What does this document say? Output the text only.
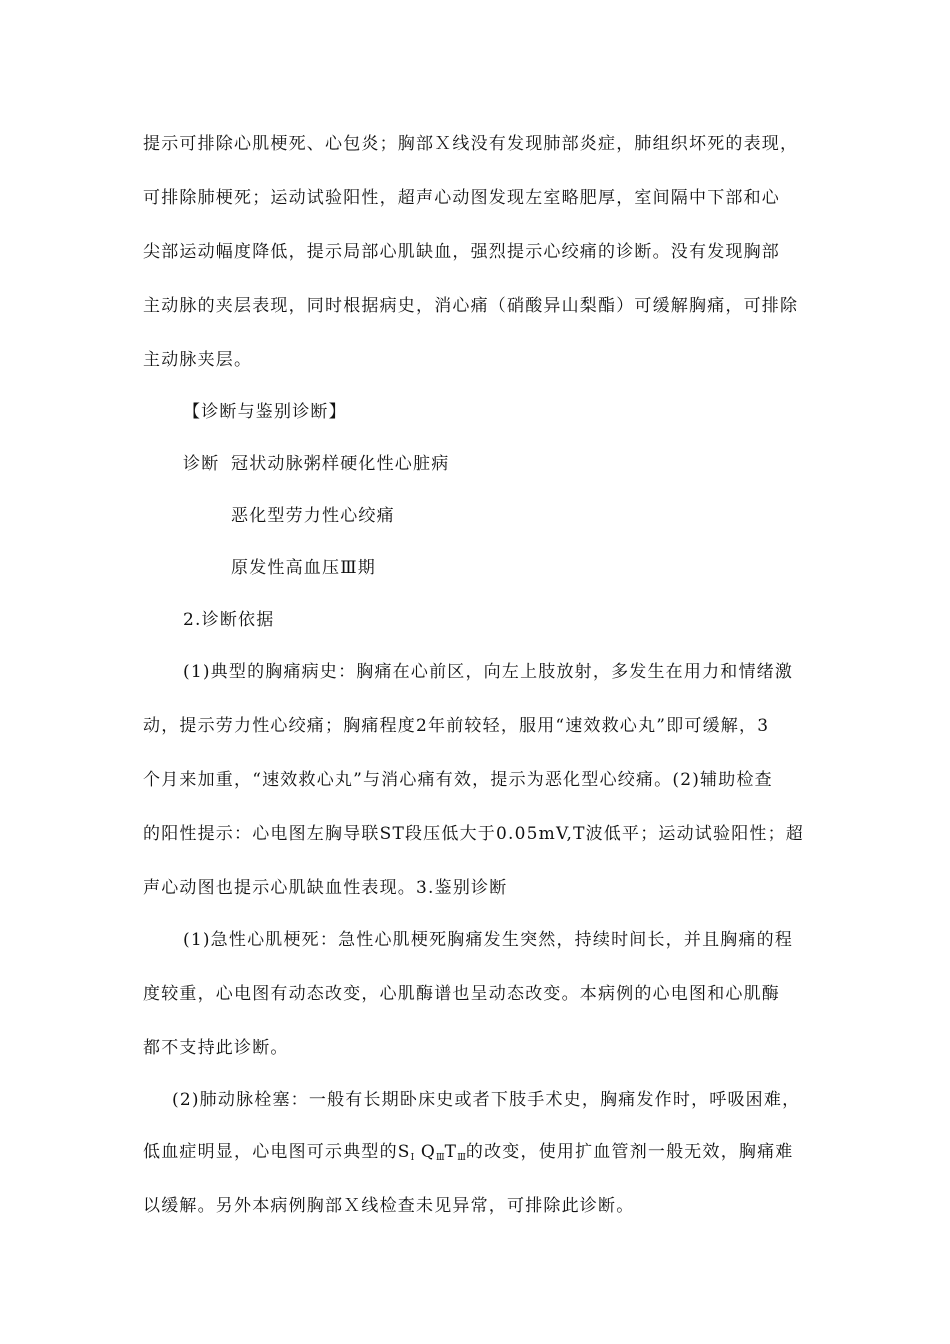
提示可排除心肌梗死、心包炎；胸部Ｘ线没有发现肺部炎症，肺组织坏死的表现，
可排除肺梗死；运动试验阳性，超声心动图发现左室略肥厚，室间隔中下部和心
尖部运动幅度降低，提示局部心肌缺血，强烈提示心绞痛的诊断。没有发现胸部
主动脉的夹层表现，同时根据病史，消心痛（硝酸异山梨酯）可缓解胸痛，可排除
主动脉夹层。
【诊断与鉴别诊断】
诊断 冠状动脉粥样硬化性心脏病
恶化型劳力性心绞痛
原发性高血压Ⅲ期
2.诊断依据
(1)典型的胸痛病史：胸痛在心前区，向左上肢放射，多发生在用力和情绪激
动，提示劳力性心绞痛；胸痛程度2年前较轻，服用“速效救心丸”即可缓解，3
个月来加重，“速效救心丸”与消心痛有效，提示为恶化型心绞痛。(2)辅助检查
的阳性提示：心电图左胸导联ST段压低大于0.05mV,T波低平；运动试验阳性；超
声心动图也提示心肌缺血性表现。3.鉴别诊断
(1)急性心肌梗死：急性心肌梗死胸痛发生突然，持续时间长，并且胸痛的程
度较重，心电图有动态改变，心肌酶谱也呈动态改变。本病例的心电图和心肌酶
都不支持此诊断。
(2)肺动脉栓塞：一般有长期卧床史或者下肢手术史，胸痛发作时，呼吸困难，
低血症明显，心电图可示典型的$S_Ⅰ$ $Q_ⅢT_Ⅲ$的改变，使用扩血管剂一般无效，胸痛难
以缓解。另外本病例胸部Ｘ线检查未见异常，可排除此诊断。
